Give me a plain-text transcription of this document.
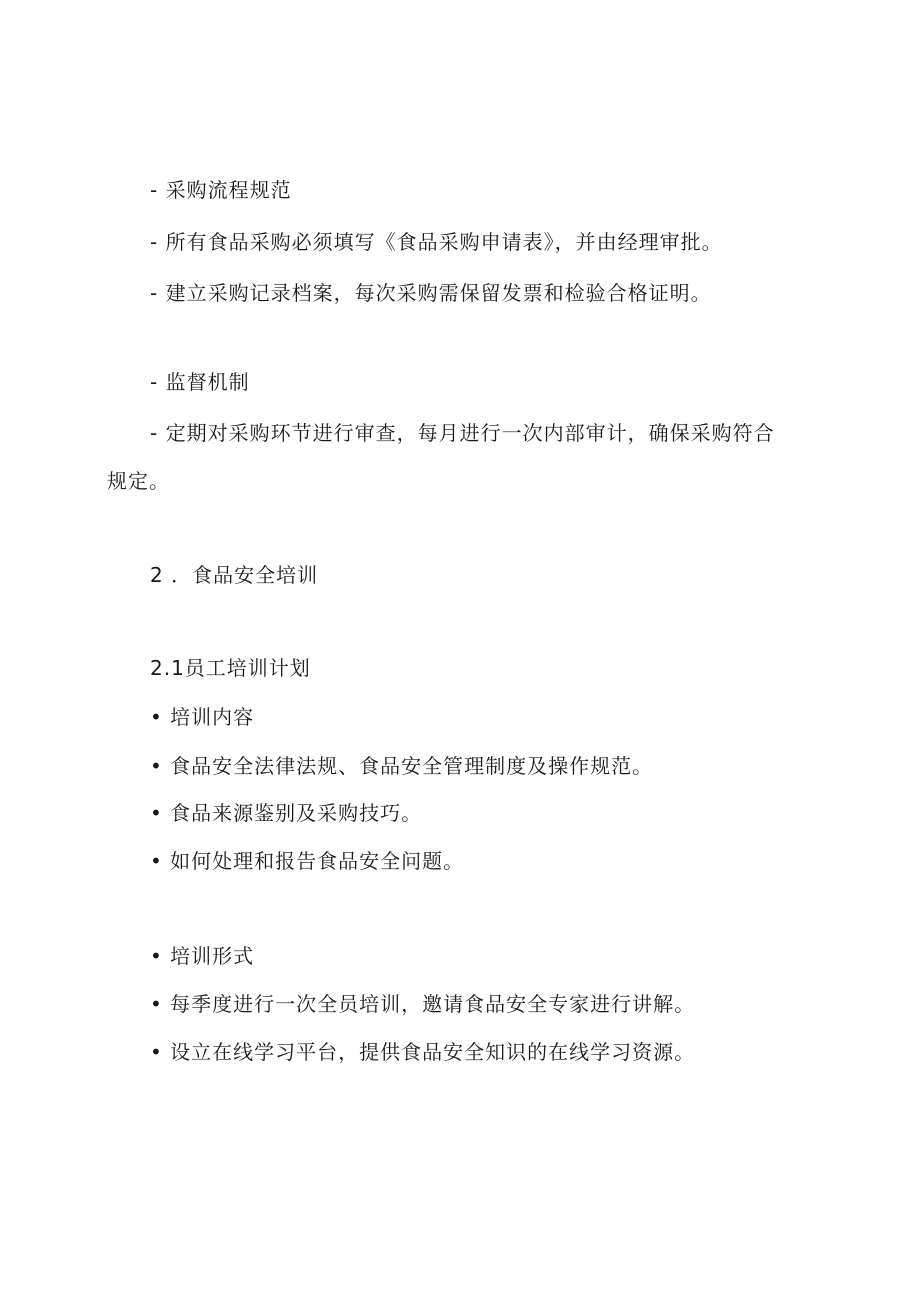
- 采购流程规范
- 所有食品采购必须填写《食品采购申请表》，并由经理审批。
- 建立采购记录档案，每次采购需保留发票和检验合格证明。
- 监督机制
- 定期对采购环节进行审查，每月进行一次内部审计，确保采购符合
规定。
2 ．食品安全培训
2.1员工培训计划
• 培训内容
• 食品安全法律法规、食品安全管理制度及操作规范。
• 食品来源鉴别及采购技巧。
• 如何处理和报告食品安全问题。
• 培训形式
• 每季度进行一次全员培训，邀请食品安全专家进行讲解。
• 设立在线学习平台，提供食品安全知识的在线学习资源。
